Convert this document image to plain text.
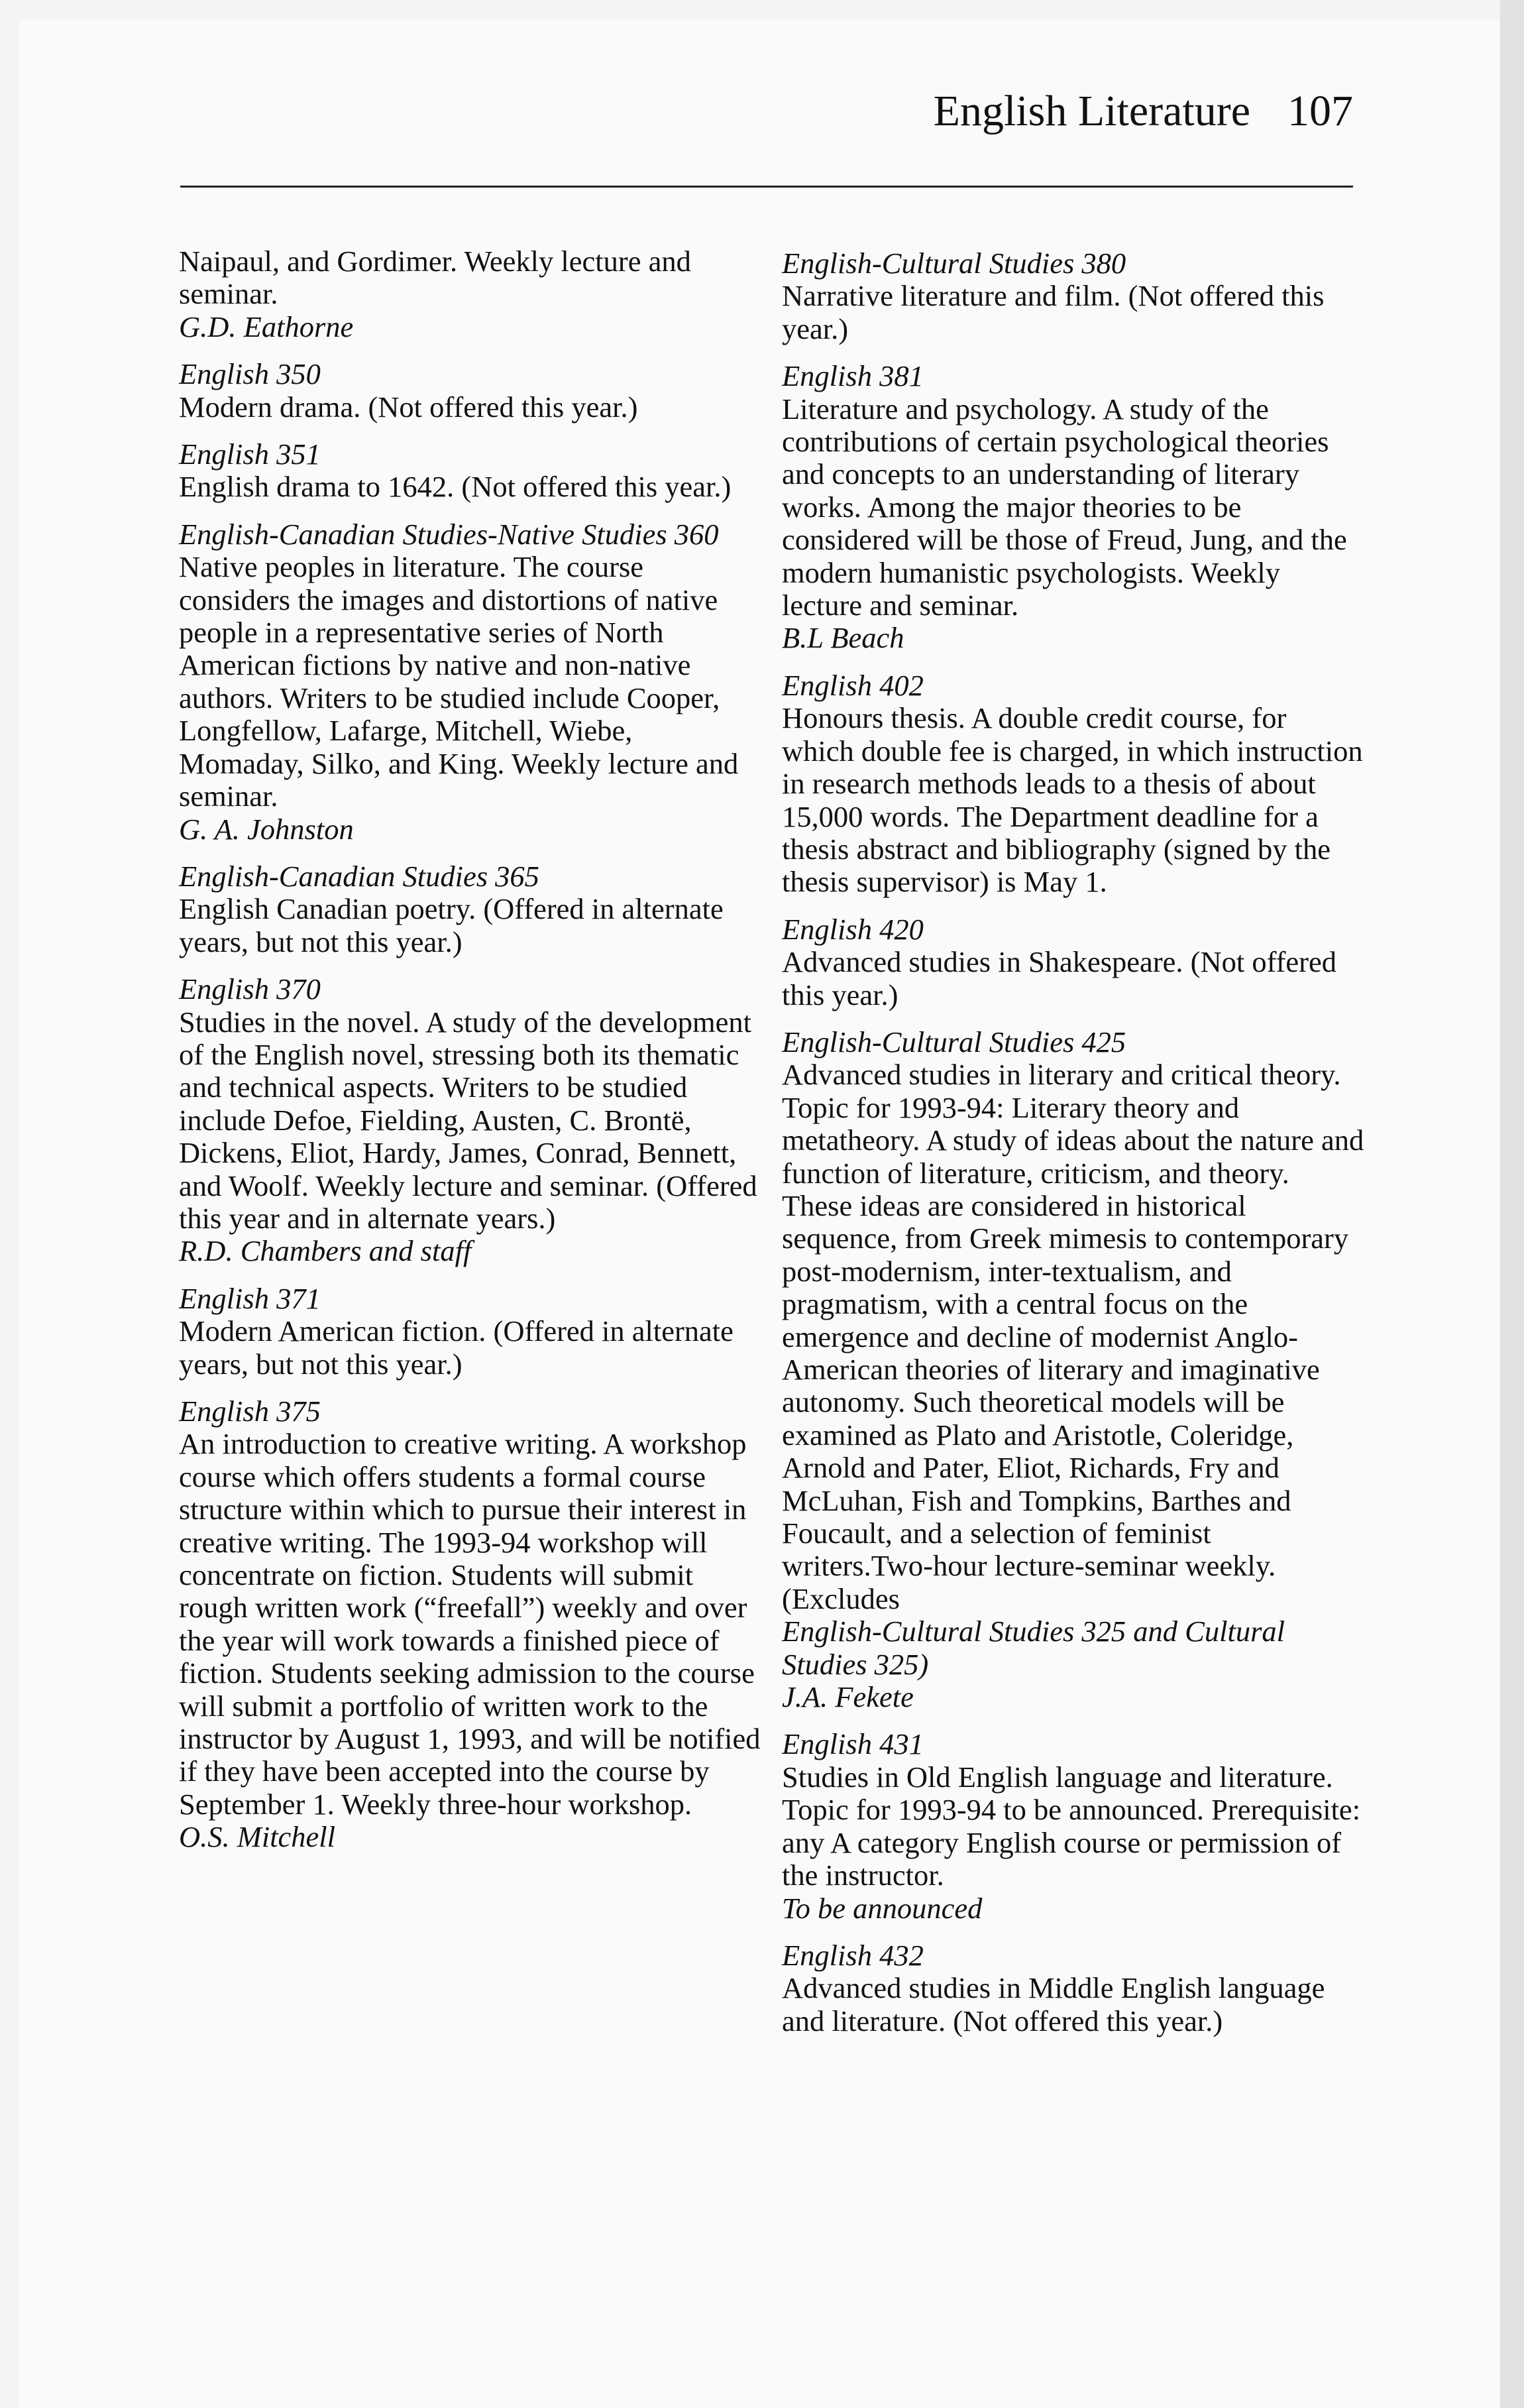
English Literature 107
Naipaul, and Gordimer. Weekly lecture and seminar.
G.D. Eathorne
English 350
Modern drama. (Not offered this year.)
English 351
English drama to 1642. (Not offered this year.)
English-Canadian Studies-Native Studies 360
Native peoples in literature. The course considers the images and distortions of native people in a representative series of North American fictions by native and non-native authors. Writers to be studied include Cooper, Longfellow, Lafarge, Mitchell, Wiebe, Momaday, Silko, and King. Weekly lecture and seminar.
G. A. Johnston
English-Canadian Studies 365
English Canadian poetry. (Offered in alternate years, but not this year.)
English 370
Studies in the novel. A study of the development of the English novel, stressing both its thematic and technical aspects. Writers to be studied include Defoe, Fielding, Austen, C. Brontë, Dickens, Eliot, Hardy, James, Conrad, Bennett, and Woolf. Weekly lecture and seminar. (Offered this year and in alternate years.)
R.D. Chambers and staff
English 371
Modern American fiction. (Offered in alternate years, but not this year.)
English 375
An introduction to creative writing. A workshop course which offers students a formal course structure within which to pursue their interest in creative writing. The 1993-94 workshop will concentrate on fiction. Students will submit rough written work (“freefall”) weekly and over the year will work towards a finished piece of fiction. Students seeking admission to the course will submit a portfolio of written work to the instructor by August 1, 1993, and will be notified if they have been accepted into the course by September 1. Weekly three-hour workshop.
O.S. Mitchell
English-Cultural Studies 380
Narrative literature and film. (Not offered this year.)
English 381
Literature and psychology. A study of the contributions of certain psychological theories and concepts to an understanding of literary works. Among the major theories to be considered will be those of Freud, Jung, and the modern humanistic psychologists. Weekly lecture and seminar.
B.L Beach
English 402
Honours thesis. A double credit course, for which double fee is charged, in which instruction in research methods leads to a thesis of about 15,000 words. The Department deadline for a thesis abstract and bibliography (signed by the thesis supervisor) is May 1.
English 420
Advanced studies in Shakespeare. (Not offered this year.)
English-Cultural Studies 425
Advanced studies in literary and critical theory. Topic for 1993-94: Literary theory and metatheory. A study of ideas about the nature and function of literature, criticism, and theory. These ideas are considered in historical sequence, from Greek mimesis to contemporary post-modernism, inter-textualism, and pragmatism, with a central focus on the emergence and decline of modernist Anglo-American theories of literary and imaginative autonomy. Such theoretical models will be examined as Plato and Aristotle, Coleridge, Arnold and Pater, Eliot, Richards, Fry and McLuhan, Fish and Tompkins, Barthes and Foucault, and a selection of feminist writers.Two-hour lecture-seminar weekly. (Excludes
English-Cultural Studies 325 and Cultural Studies 325)
J.A. Fekete
English 431
Studies in Old English language and literature. Topic for 1993-94 to be announced. Prerequisite: any A category English course or permission of the instructor.
To be announced
English 432
Advanced studies in Middle English language and literature. (Not offered this year.)
